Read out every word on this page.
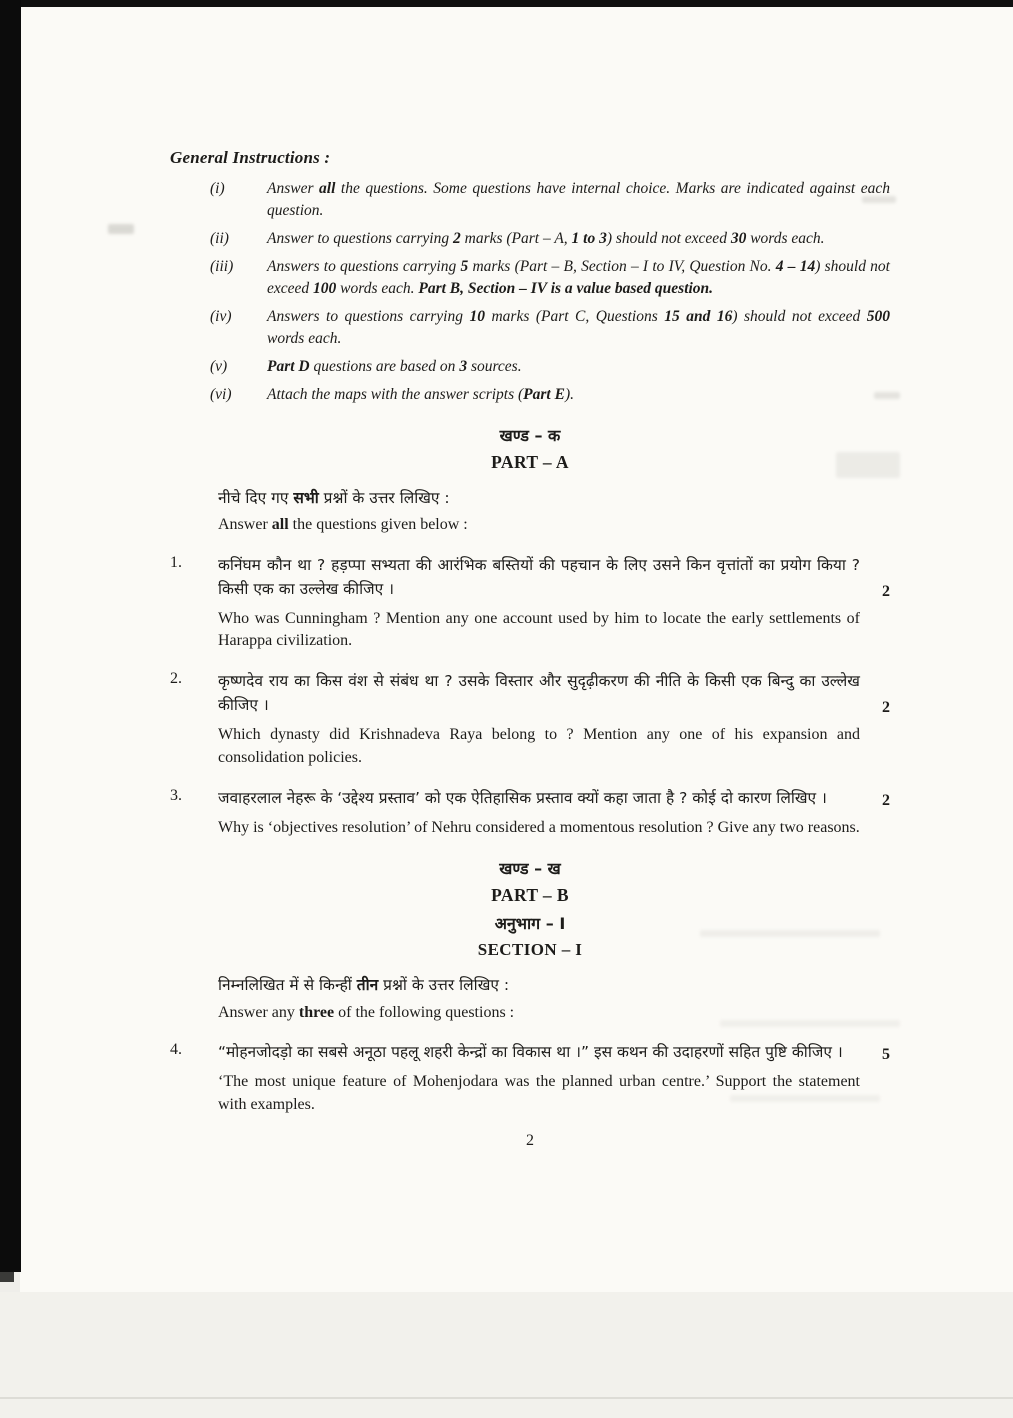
General Instructions :
(i)	Answer all the questions. Some questions have internal choice. Marks are indicated against each question.
(ii)	Answer to questions carrying 2 marks (Part – A, 1 to 3) should not exceed 30 words each.
(iii)	Answers to questions carrying 5 marks (Part – B, Section – I to IV, Question No. 4 – 14) should not exceed 100 words each. Part B, Section – IV is a value based question.
(iv)	Answers to questions carrying 10 marks (Part C, Questions 15 and 16) should not exceed 500 words each.
(v)	Part D questions are based on 3 sources.
(vi)	Attach the maps with the answer scripts (Part E).
खण्ड – क
PART – A
नीचे दिए गए सभी प्रश्नों के उत्तर लिखिए :
Answer all the questions given below :
1.	कनिंघम कौन था ? हड़प्पा सभ्यता की आरंभिक बस्तियों की पहचान के लिए उसने किन वृत्तांतों का प्रयोग किया ? किसी एक का उल्लेख कीजिए ।	2

Who was Cunningham ? Mention any one account used by him to locate the early settlements of Harappa civilization.

2.	कृष्णदेव राय का किस वंश से संबंध था ? उसके विस्तार और सुदृढ़ीकरण की नीति के किसी एक बिन्दु का उल्लेख कीजिए ।	2

Which dynasty did Krishnadeva Raya belong to ? Mention any one of his expansion and consolidation policies.

3.	जवाहरलाल नेहरू के ‘उद्देश्य प्रस्ताव’ को एक ऐतिहासिक प्रस्ताव क्यों कहा जाता है ? कोई दो कारण लिखिए ।	2

Why is ‘objectives resolution’ of Nehru considered a momentous resolution ? Give any two reasons.

खण्ड – ख
PART – B
अनुभाग – I
SECTION – I
निम्नलिखित में से किन्हीं तीन प्रश्नों के उत्तर लिखिए :
Answer any three of the following questions :
4.	“मोहनजोदड़ो का सबसे अनूठा पहलू शहरी केन्द्रों का विकास था ।” इस कथन की उदाहरणों सहित पुष्टि कीजिए ।	5

‘The most unique feature of Mohenjodara was the planned urban centre.’ Support the statement with examples.

2
